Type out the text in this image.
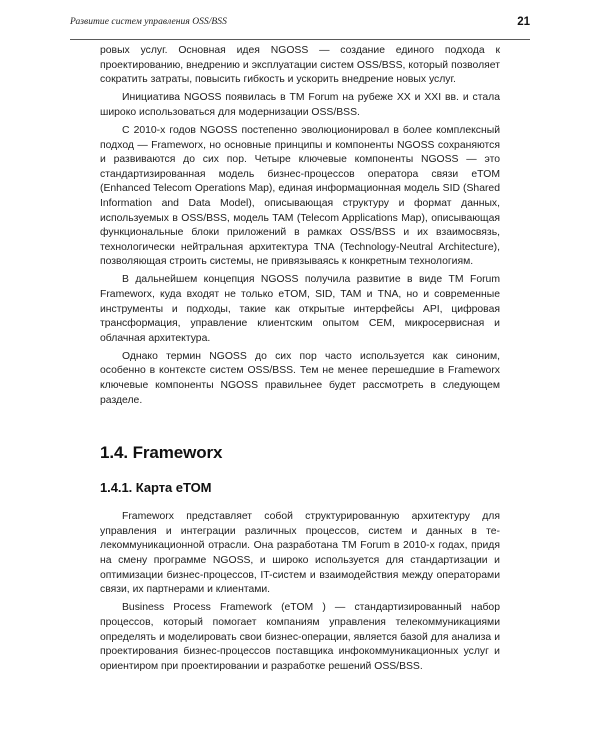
Развитие систем управления OSS/BSS	21

ровых услуг. Основная идея NGOSS — создание единого подхода к проектированию, внедрению и эксплуатации систем OSS/BSS, который позволяет сократить затраты, повысить гибкость и ускорить внедрение новых услуг.

Инициатива NGOSS появилась в TM Forum на рубеже XX и XXI вв. и стала широко использоваться для модернизации OSS/BSS.

С 2010-х годов NGOSS постепенно эволюционировал в более комплексный подход — Frameworx, но основные принципы и компоненты NGOSS сохраняются и развиваются до сих пор. Четыре ключевые компоненты NGOSS — это стандартизированная модель бизнес-процессов оператора связи eTOM (Enhanced Telecom Operations Map), единая информационная модель SID (Shared Information and Data Model), описывающая структуру и формат данных, используемых в OSS/BSS, модель TAM (Telecom Applications Map), описывающая функциональные блоки приложений в рамках OSS/BSS и их взаимосвязь, технологически нейтральная архитектура TNA (Technology-Neutral Architecture), позволяющая строить системы, не привязываясь к конкретным технологиям.

В дальнейшем концепция NGOSS получила развитие в виде TM Forum Frameworx, куда входят не только eTOM, SID, TAM и TNA, но и современные инструменты и подходы, такие как открытые интерфейсы API, цифровая трансформация, управление клиентским опытом CEM, микросервисная и облачная архитектура.

Однако термин NGOSS до сих пор часто используется как синоним, особенно в контексте систем OSS/BSS. Тем не менее перешедшие в Frameworx ключевые компоненты NGOSS правильнее будет рассмотреть в следующем разделе.

1.4. Frameworx
1.4.1. Карта eTOM

Frameworx представляет собой структурированную архитектуру для управления и интеграции различных процессов, систем и данных в телекоммуникационной отрасли. Она разработана TM Forum в 2010-х годах, придя на смену программе NGOSS, и широко используется для стандартизации и оптимизации бизнес-процессов, IT-систем и взаимодействия между операторами связи, их партнерами и клиентами.

Business Process Framework (eTOM ) — стандартизированный набор процессов, который помогает компаниям управления телекоммуникациями определять и моделировать свои бизнес-операции, является базой для анализа и проектирования бизнес-процессов поставщика инфокоммуникационных услуг и ориентиром при проектировании и разработке решений OSS/BSS.
